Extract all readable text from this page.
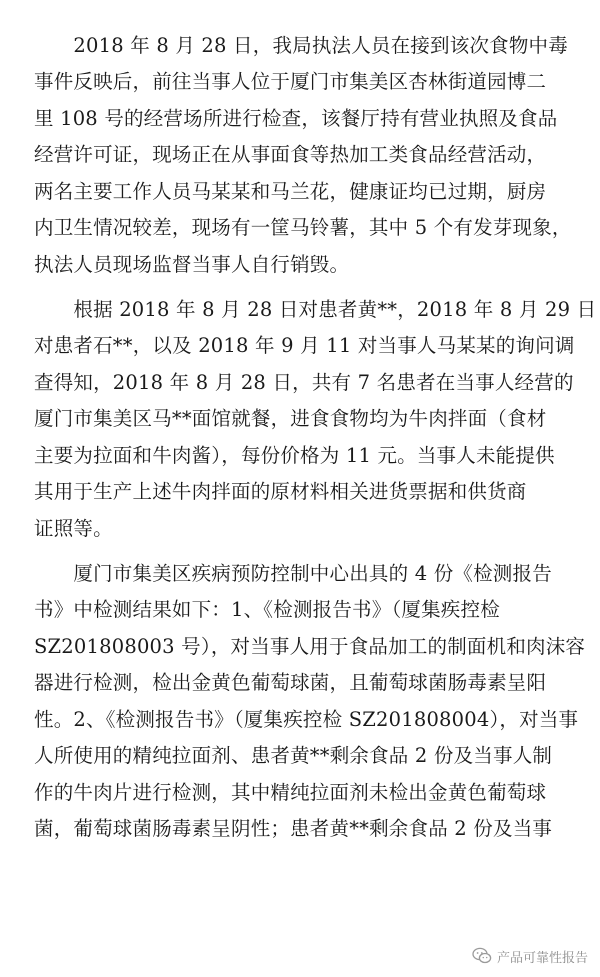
　　2018 年 8 月 28 日，我局执法人员在接到该次食物中毒
事件反映后，前往当事人位于厦门市集美区杏林街道园博二
里 108 号的经营场所进行检查，该餐厅持有营业执照及食品
经营许可证，现场正在从事面食等热加工类食品经营活动，
两名主要工作人员马某某和马兰花，健康证均已过期，厨房
内卫生情况较差，现场有一筐马铃薯，其中 5 个有发芽现象，
执法人员现场监督当事人自行销毁。
　　根据 2018 年 8 月 28 日对患者黄**，2018 年 8 月 29 日
对患者石**，以及 2018 年 9 月 11 对当事人马某某的询问调
查得知，2018 年 8 月 28 日，共有 7 名患者在当事人经营的
厦门市集美区马**面馆就餐，进食食物均为牛肉拌面（食材
主要为拉面和牛肉酱），每份价格为 11 元。当事人未能提供
其用于生产上述牛肉拌面的原材料相关进货票据和供货商
证照等。
　　厦门市集美区疾病预防控制中心出具的 4 份《检测报告
书》中检测结果如下：1、《检测报告书》（厦集疾控检
SZ201808003 号），对当事人用于食品加工的制面机和肉沫容
器进行检测，检出金黄色葡萄球菌，且葡萄球菌肠毒素呈阳
性。2、《检测报告书》（厦集疾控检 SZ201808004），对当事
人所使用的精纯拉面剂、患者黄**剩余食品 2 份及当事人制
作的牛肉片进行检测，其中精纯拉面剂未检出金黄色葡萄球
菌，葡萄球菌肠毒素呈阴性；患者黄**剩余食品 2 份及当事
产品可靠性报告
